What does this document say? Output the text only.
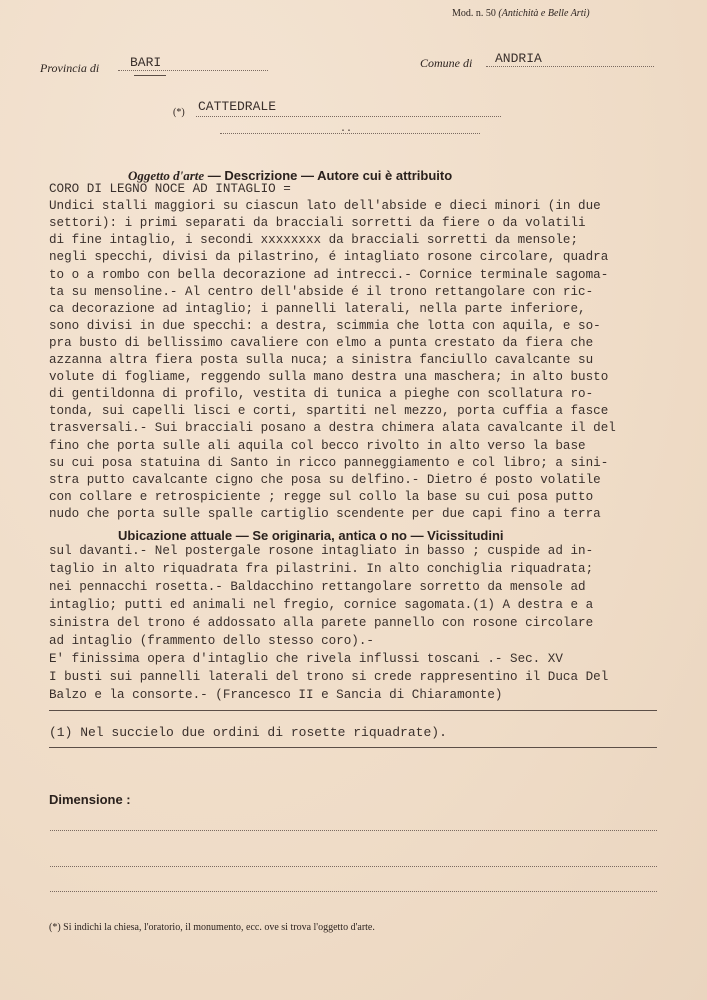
Mod. n. 50 (Antichità e Belle Arti)
Provincia di BARI	Comune di ANDRIA
(*) CATTEDRALE
..
Oggetto d'arte — Descrizione — Autore cui è attribuito
CORO DI LEGNO NOCE AD INTAGLIO =
Undici stalli maggiori su ciascun lato dell'abside e dieci minori (in due
settori): i primi separati da bracciali sorretti da fiere o da volatili
di fine intaglio, i secondi xxxxxxxx da bracciali sorretti da mensole;
negli specchi, divisi da pilastrino, é intagliato rosone circolare, quadra
to o a rombo con bella decorazione ad intrecci.- Cornice terminale sagoma-
ta su mensoline.- Al centro dell'abside é il trono rettangolare con ric-
ca decorazione ad intaglio; i pannelli laterali, nella parte inferiore,
sono divisi in due specchi: a destra, scimmia che lotta con aquila, e so-
pra busto di bellissimo cavaliere con elmo a punta crestato da fiera che
azzanna altra fiera posta sulla nuca; a sinistra fanciullo cavalcante su
volute di fogliame, reggendo sulla mano destra una maschera; in alto busto
di gentildonna di profilo, vestita di tunica a pieghe con scollatura ro-
tonda, sui capelli lisci e corti, spartiti nel mezzo, porta cuffia a fasce
trasversali.- Sui bracciali posano a destra chimera alata cavalcante il del
fino che porta sulle ali aquila col becco rivolto in alto verso la base
su cui posa statuina di Santo in ricco panneggiamento e col libro; a sini-
stra putto cavalcante cigno che posa su delfino.- Dietro é posto volatile
con collare e retrospiciente ; regge sul collo la base su cui posa putto
nudo che porta sulle spalle cartiglio scendente per due capi fino a terra
Ubicazione attuale — Se originaria, antica o no — Vicissitudini
sul davanti.- Nel postergale rosone intagliato in basso ; cuspide ad in-
taglio in alto riquadrata fra pilastrini. In alto conchiglia riquadrata;
nei pennacchi rosetta.- Baldacchino rettangolare sorretto da mensole ad
intaglio; putti ed animali nel fregio, cornice sagomata.(1) A destra e a
sinistra del trono é addossato alla parete pannello con rosone circolare
ad intaglio (frammento dello stesso coro).-
E' finissima opera d'intaglio che rivela influssi toscani .- Sec. XV
I busti sui pannelli laterali del trono si crede rappresentino il Duca Del
Balzo e la consorte.- (Francesco II e Sancia di Chiaramonte)
(1) Nel succielo due ordini di rosette riquadrate).
Dimensione :
(*) Si indichi la chiesa, l'oratorio, il monumento, ecc. ove si trova l'oggetto d'arte.
